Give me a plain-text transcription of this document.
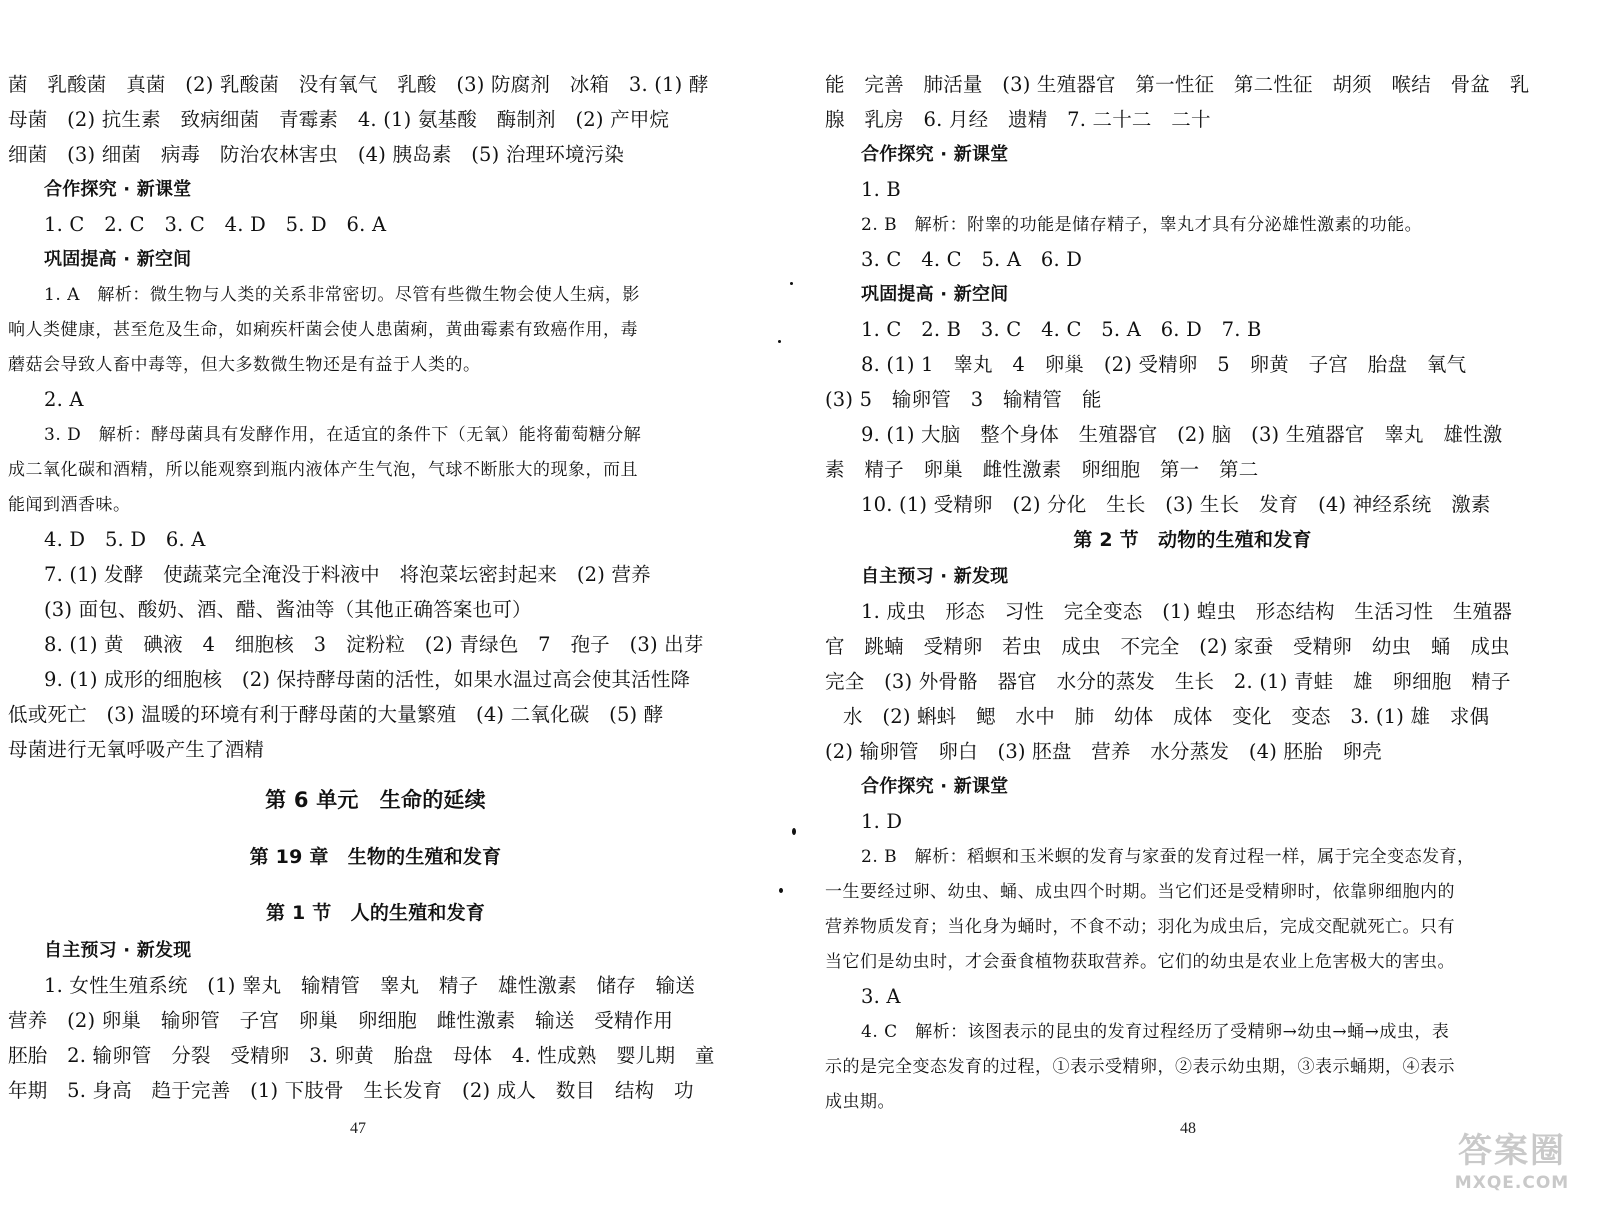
菌　乳酸菌　真菌　(2) 乳酸菌　没有氧气　乳酸　(3) 防腐剂　冰箱　3. (1) 酵
母菌　(2) 抗生素　致病细菌　青霉素　4. (1) 氨基酸　酶制剂　(2) 产甲烷
细菌　(3) 细菌　病毒　防治农林害虫　(4) 胰岛素　(5) 治理环境污染
合作探究 · 新课堂
1. C　2. C　3. C　4. D　5. D　6. A
巩固提高 · 新空间
1. A　解析：微生物与人类的关系非常密切。尽管有些微生物会使人生病，影
响人类健康，甚至危及生命，如痢疾杆菌会使人患菌痢，黄曲霉素有致癌作用，毒
蘑菇会导致人畜中毒等，但大多数微生物还是有益于人类的。
2. A
3. D　解析：酵母菌具有发酵作用，在适宜的条件下（无氧）能将葡萄糖分解
成二氧化碳和酒精，所以能观察到瓶内液体产生气泡，气球不断胀大的现象，而且
能闻到酒香味。
4. D　5. D　6. A
7. (1) 发酵　使蔬菜完全淹没于料液中　将泡菜坛密封起来　(2) 营养
(3) 面包、酸奶、酒、醋、酱油等（其他正确答案也可）
8. (1) 黄　碘液　4　细胞核　3　淀粉粒　(2) 青绿色　7　孢子　(3) 出芽
9. (1) 成形的细胞核　(2) 保持酵母菌的活性，如果水温过高会使其活性降
低或死亡　(3) 温暖的环境有利于酵母菌的大量繁殖　(4) 二氧化碳　(5) 酵
母菌进行无氧呼吸产生了酒精
第 6 单元　生命的延续
第 19 章　生物的生殖和发育
第 1 节　人的生殖和发育
自主预习 · 新发现
1. 女性生殖系统　(1) 睾丸　输精管　睾丸　精子　雄性激素　储存　输送
营养　(2) 卵巢　输卵管　子宫　卵巢　卵细胞　雌性激素　输送　受精作用
胚胎　2. 输卵管　分裂　受精卵　3. 卵黄　胎盘　母体　4. 性成熟　婴儿期　童
年期　5. 身高　趋于完善　(1) 下肢骨　生长发育　(2) 成人　数目　结构　功
47
能　完善　肺活量　(3) 生殖器官　第一性征　第二性征　胡须　喉结　骨盆　乳
腺　乳房　6. 月经　遗精　7. 二十二　二十
合作探究 · 新课堂
1. B
2. B　解析：附睾的功能是储存精子，睾丸才具有分泌雄性激素的功能。
3. C　4. C　5. A　6. D
巩固提高 · 新空间
1. C　2. B　3. C　4. C　5. A　6. D　7. B
8. (1) 1　睾丸　4　卵巢　(2) 受精卵　5　卵黄　子宫　胎盘　氧气
(3) 5　输卵管　3　输精管　能
9. (1) 大脑　整个身体　生殖器官　(2) 脑　(3) 生殖器官　睾丸　雄性激
素　精子　卵巢　雌性激素　卵细胞　第一　第二
10. (1) 受精卵　(2) 分化　生长　(3) 生长　发育　(4) 神经系统　激素
第 2 节　动物的生殖和发育
自主预习 · 新发现
1. 成虫　形态　习性　完全变态　(1) 蝗虫　形态结构　生活习性　生殖器
官　跳蝻　受精卵　若虫　成虫　不完全　(2) 家蚕　受精卵　幼虫　蛹　成虫
完全　(3) 外骨骼　器官　水分的蒸发　生长　2. (1) 青蛙　雄　卵细胞　精子
水　(2) 蝌蚪　鳃　水中　肺　幼体　成体　变化　变态　3. (1) 雄　求偶
(2) 输卵管　卵白　(3) 胚盘　营养　水分蒸发　(4) 胚胎　卵壳
合作探究 · 新课堂
1. D
2. B　解析：稻螟和玉米螟的发育与家蚕的发育过程一样，属于完全变态发育，
一生要经过卵、幼虫、蛹、成虫四个时期。当它们还是受精卵时，依靠卵细胞内的
营养物质发育；当化身为蛹时，不食不动；羽化为成虫后，完成交配就死亡。只有
当它们是幼虫时，才会蚕食植物获取营养。它们的幼虫是农业上危害极大的害虫。
3. A
4. C　解析：该图表示的昆虫的发育过程经历了受精卵→幼虫→蛹→成虫，表
示的是完全变态发育的过程，①表示受精卵，②表示幼虫期，③表示蛹期，④表示
成虫期。
48
答案圈
MXQE.COM
